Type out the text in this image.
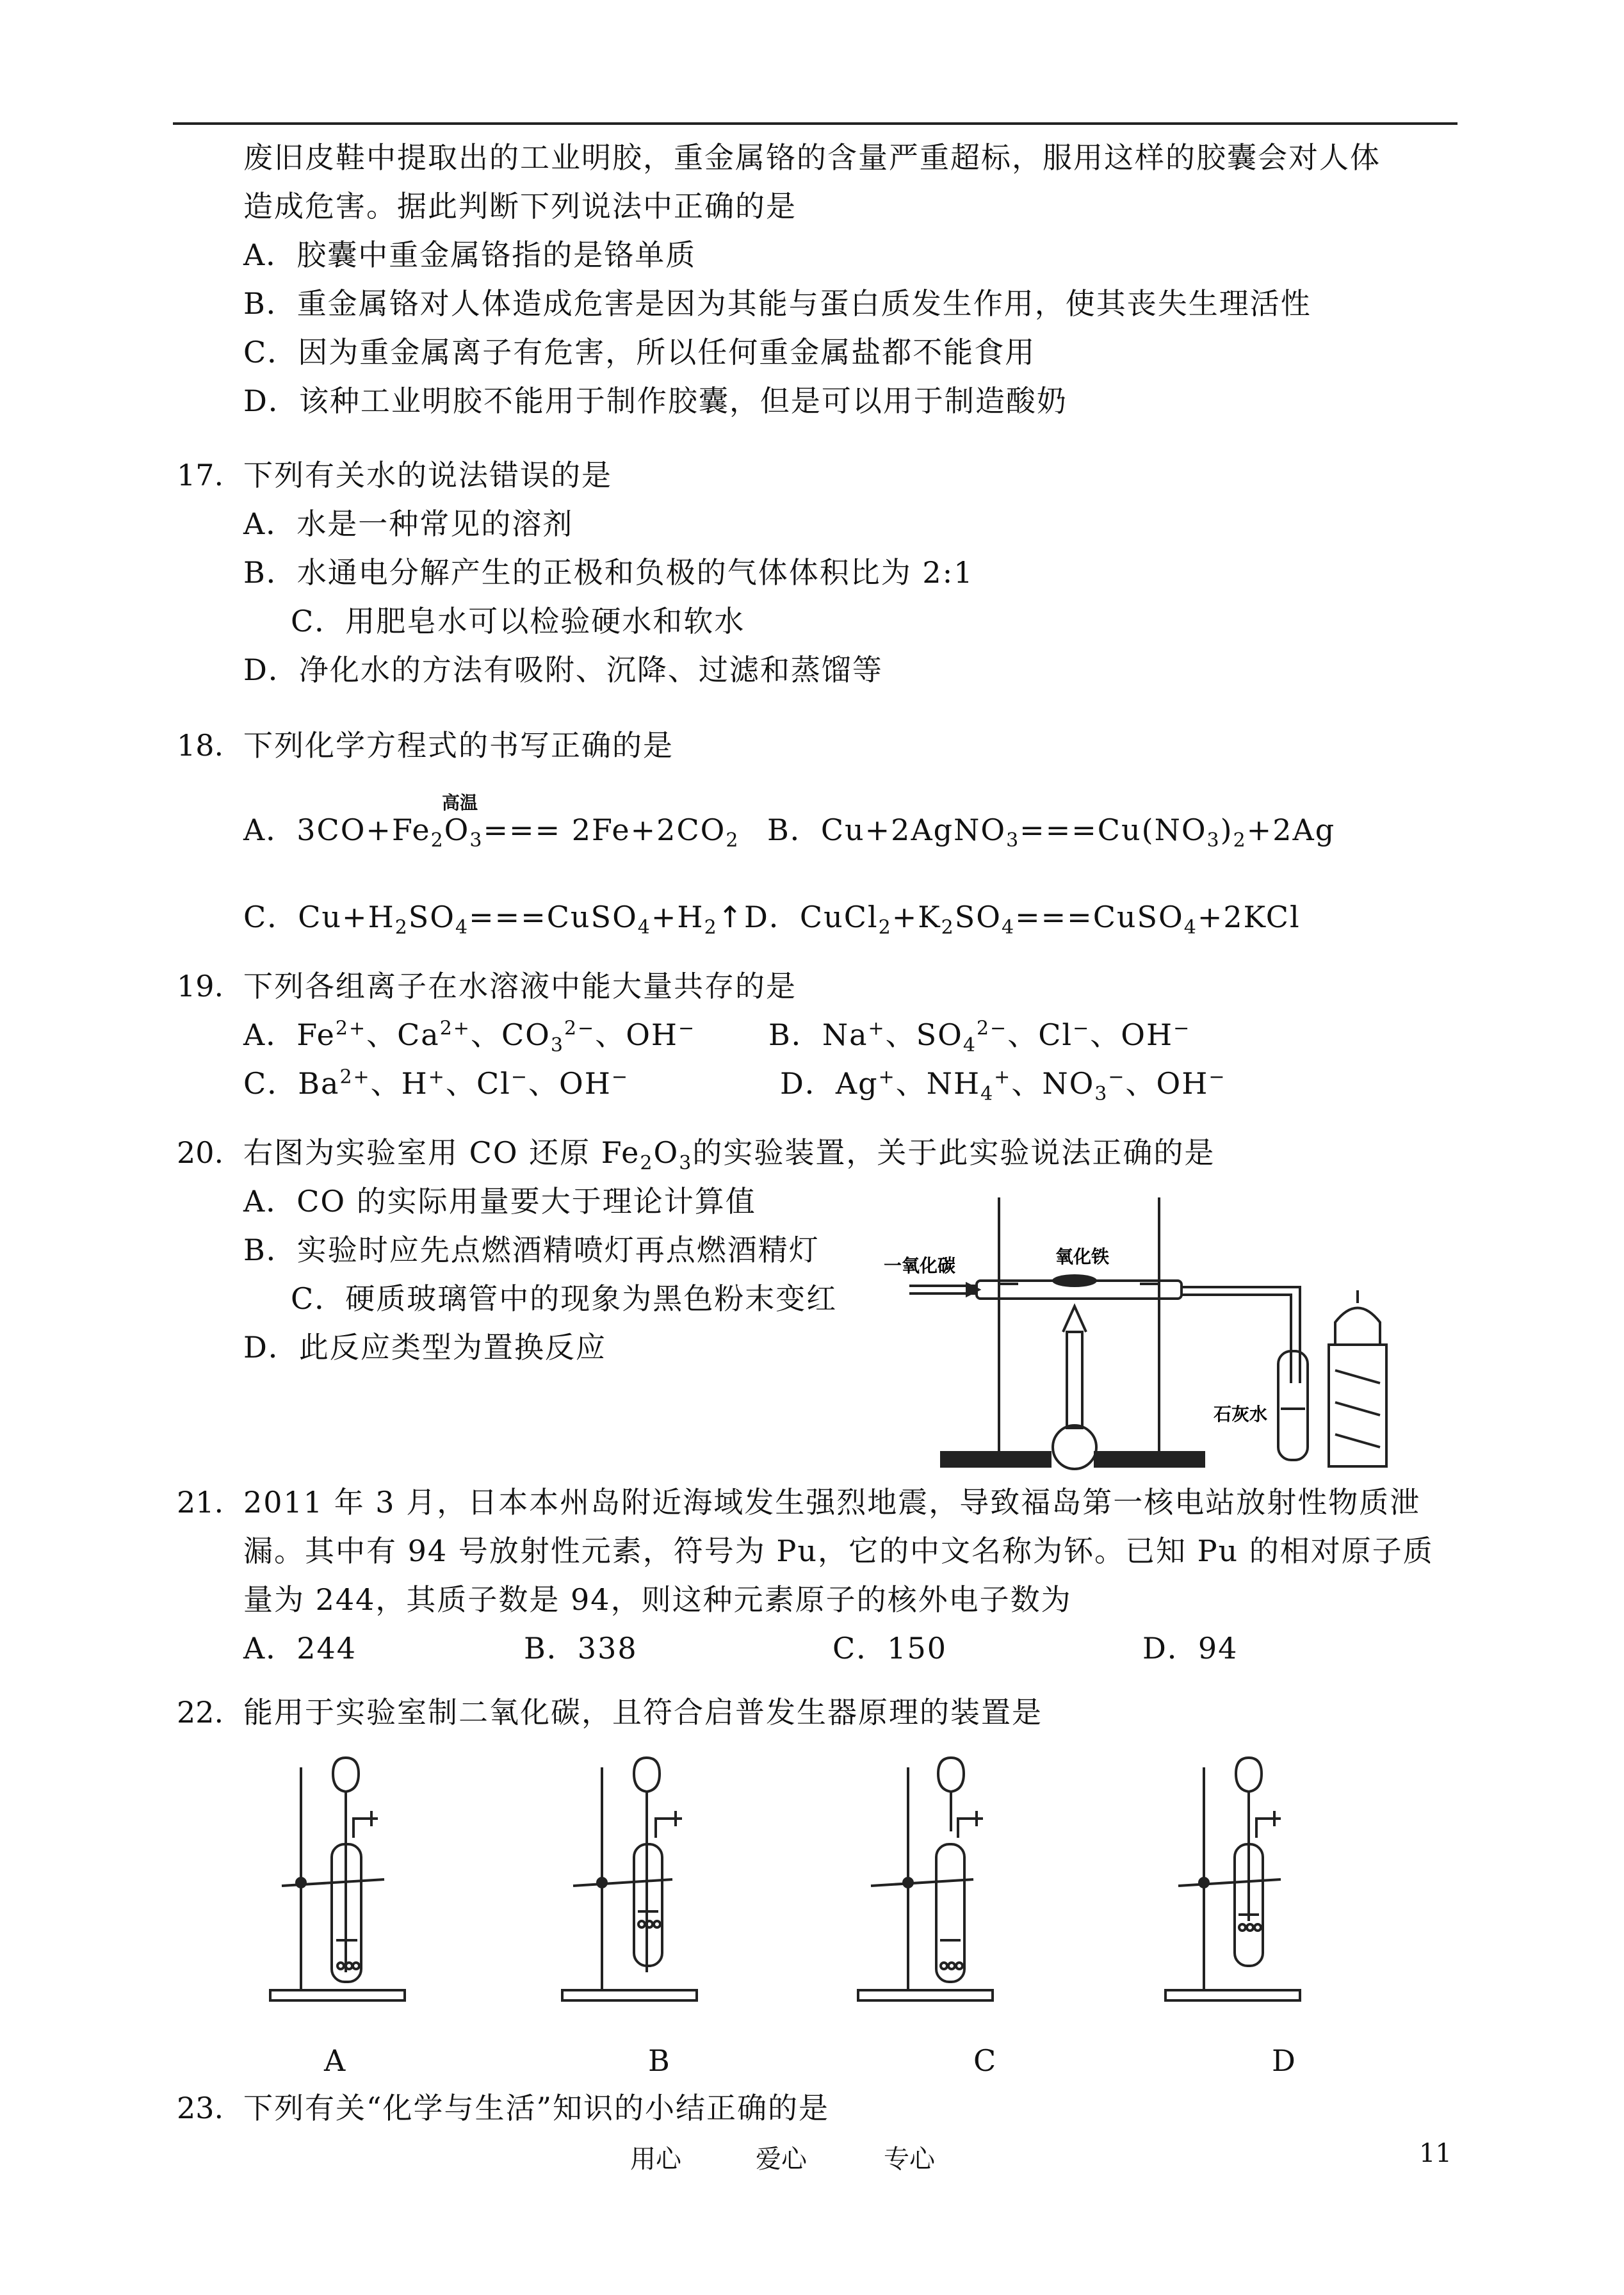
废旧皮鞋中提取出的工业明胶，重金属铬的含量严重超标，服用这样的胶囊会对人体
造成危害。据此判断下列说法中正确的是
A．胶囊中重金属铬指的是铬单质
B．重金属铬对人体造成危害是因为其能与蛋白质发生作用，使其丧失生理活性
C．因为重金属离子有危害，所以任何重金属盐都不能食用
D．该种工业明胶不能用于制作胶囊，但是可以用于制造酸奶
17. 下列有关水的说法错误的是
A．水是一种常见的溶剂
B．水通电分解产生的正极和负极的气体体积比为 2:1
C．用肥皂水可以检验硬水和软水
D．净化水的方法有吸附、沉降、过滤和蒸馏等
18. 下列化学方程式的书写正确的是
高温
A．$3CO+Fe_2O_3=== 2Fe+2CO_2$ B．$Cu+2AgNO_3===Cu(NO_3)_2+2Ag$
C．$Cu+H_2SO_4===CuSO_4+H_2↑$ D．$CuCl_2+K_2SO_4===CuSO_4+2KCl$
19. 下列各组离子在水溶液中能大量共存的是
A．$Fe^{2+}$、$Ca^{2+}$、$CO_3^{2-}$、OH− B．Na+、$SO_4^{2-}$、Cl−、OH−
C．$Ba^{2+}$、H+、Cl−、OH−	D．Ag+、$NH_4^+$、$NO_3^-$、OH−
20. 右图为实验室用 CO 还原 $Fe_2O_3$的实验装置，关于此实验说法正确的是
A．CO 的实际用量要大于理论计算值
B．实验时应先点燃酒精喷灯再点燃酒精灯
C．硬质玻璃管中的现象为黑色粉末变红
D．此反应类型为置换反应
一氧化碳	氧化铁
石灰水
21. 2011 年 3 月，日本本州岛附近海域发生强烈地震，导致福岛第一核电站放射性物质泄
漏。其中有 94 号放射性元素，符号为 Pu，它的中文名称为钚。已知 Pu 的相对原子质
量为 244，其质子数是 94，则这种元素原子的核外电子数为
A．244	B．338	C．150	D．94
22. 能用于实验室制二氧化碳，且符合启普发生器原理的装置是
A	B	C	D
23. 下列有关“化学与生活”知识的小结正确的是
用心	爱心	专心	11
